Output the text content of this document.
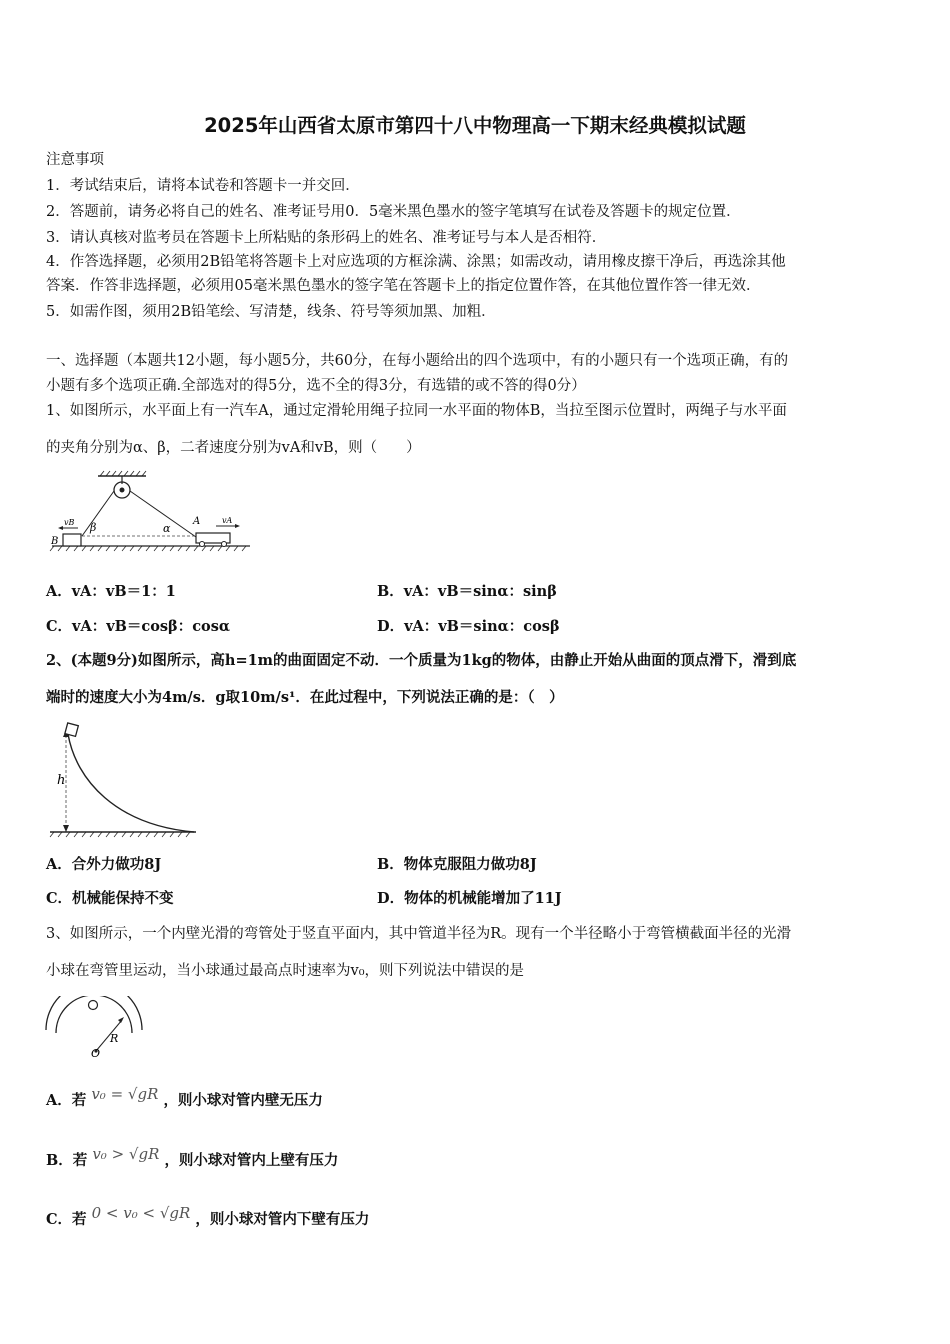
2025年山西省太原市第四十八中物理高一下期末经典模拟试题
注意事项
1．考试结束后，请将本试卷和答题卡一并交回．
2．答题前，请务必将自己的姓名、准考证号用0．5毫米黑色墨水的签字笔填写在试卷及答题卡的规定位置．
3．请认真核对监考员在答题卡上所粘贴的条形码上的姓名、准考证号与本人是否相符．
4．作答选择题，必须用2B铅笔将答题卡上对应选项的方框涂满、涂黑；如需改动，请用橡皮擦干净后，再选涂其他
答案．作答非选择题，必须用05毫米黑色墨水的签字笔在答题卡上的指定位置作答，在其他位置作答一律无效．
5．如需作图，须用2B铅笔绘、写清楚，线条、符号等须加黑、加粗．
一、选择题（本题共12小题，每小题5分，共60分，在每小题给出的四个选项中，有的小题只有一个选项正确，有的
小题有多个选项正确.全部选对的得5分，选不全的得3分，有选错的或不答的得0分）
1、如图所示，水平面上有一汽车A，通过定滑轮用绳子拉同一水平面的物体B，当拉至图示位置时，两绳子与水平面
的夹角分别为α、β，二者速度分别为vA和vB，则（　　）
vB β
B
α
A	vA
A．vA：vB＝1：1	B．vA：vB＝sinα：sinβ
C．vA：vB＝cosβ：cosα	D．vA：vB＝sinα：cosβ
2、(本题9分)如图所示，高h=1m的曲面固定不动．一个质量为1kg的物体，由静止开始从曲面的顶点滑下，滑到底
端时的速度大小为4m/s．g取10m/s¹．在此过程中，下列说法正确的是：（　）
h
A．合外力做功8J	B．物体克服阻力做功8J
C．机械能保持不变	D．物体的机械能增加了11J
3、如图所示，一个内壁光滑的弯管处于竖直平面内，其中管道半径为R。现有一个半径略小于弯管横截面半径的光滑
小球在弯管里运动，当小球通过最高点时速率为v₀，则下列说法中错误的是
R
O
A．若 v₀ = √gR ，则小球对管内壁无压力
B．若 v₀ > √gR ，则小球对管内上壁有压力
C．若 0 < v₀ < √gR ，则小球对管内下壁有压力
